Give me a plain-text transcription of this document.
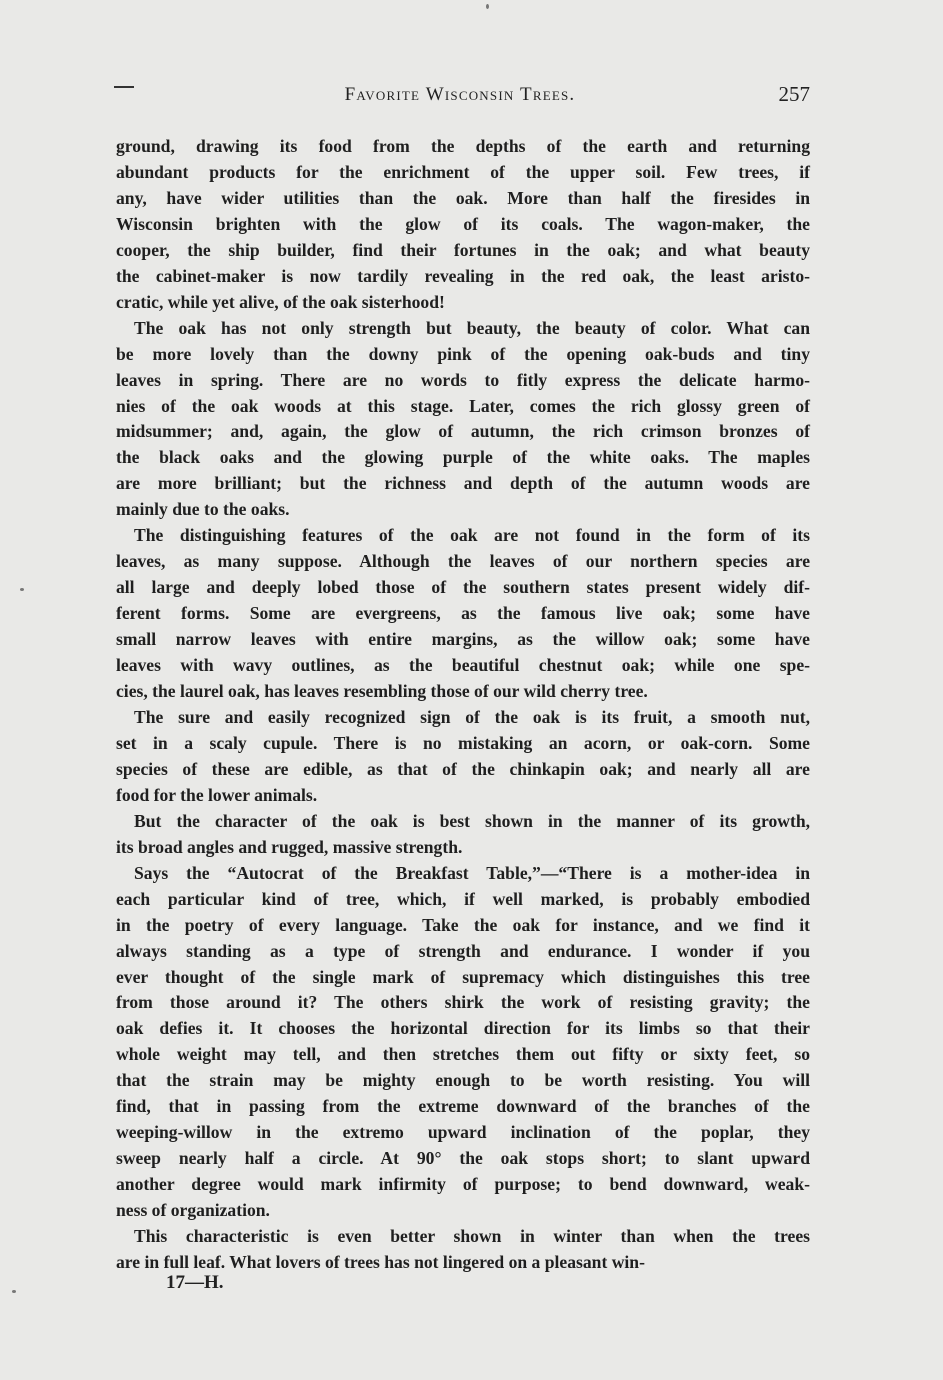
Favorite Wisconsin Trees.	257
ground, drawing its food from the depths of the earth and returning
abundant products for the enrichment of the upper soil. Few trees, if
any, have wider utilities than the oak. More than half the firesides in
Wisconsin brighten with the glow of its coals. The wagon-maker, the
cooper, the ship builder, find their fortunes in the oak; and what beauty
the cabinet-maker is now tardily revealing in the red oak, the least aristo-
cratic, while yet alive, of the oak sisterhood!
The oak has not only strength but beauty, the beauty of color. What can
be more lovely than the downy pink of the opening oak-buds and tiny
leaves in spring. There are no words to fitly express the delicate harmo-
nies of the oak woods at this stage. Later, comes the rich glossy green of
midsummer; and, again, the glow of autumn, the rich crimson bronzes of
the black oaks and the glowing purple of the white oaks. The maples
are more brilliant; but the richness and depth of the autumn woods are
mainly due to the oaks.
The distinguishing features of the oak are not found in the form of its
leaves, as many suppose. Although the leaves of our northern species are
all large and deeply lobed those of the southern states present widely dif-
ferent forms. Some are evergreens, as the famous live oak; some have
small narrow leaves with entire margins, as the willow oak; some have
leaves with wavy outlines, as the beautiful chestnut oak; while one spe-
cies, the laurel oak, has leaves resembling those of our wild cherry tree.
The sure and easily recognized sign of the oak is its fruit, a smooth nut,
set in a scaly cupule. There is no mistaking an acorn, or oak-corn. Some
species of these are edible, as that of the chinkapin oak; and nearly all are
food for the lower animals.
But the character of the oak is best shown in the manner of its growth,
its broad angles and rugged, massive strength.
Says the “Autocrat of the Breakfast Table,”—“There is a mother-idea in
each particular kind of tree, which, if well marked, is probably embodied
in the poetry of every language. Take the oak for instance, and we find it
always standing as a type of strength and endurance. I wonder if you
ever thought of the single mark of supremacy which distinguishes this tree
from those around it? The others shirk the work of resisting gravity; the
oak defies it. It chooses the horizontal direction for its limbs so that their
whole weight may tell, and then stretches them out fifty or sixty feet, so
that the strain may be mighty enough to be worth resisting. You will
find, that in passing from the extreme downward of the branches of the
weeping-willow in the extremo upward inclination of the poplar, they
sweep nearly half a circle. At 90° the oak stops short; to slant upward
another degree would mark infirmity of purpose; to bend downward, weak-
ness of organization.
This characteristic is even better shown in winter than when the trees
are in full leaf. What lovers of trees has not lingered on a pleasant win-
17—H.
